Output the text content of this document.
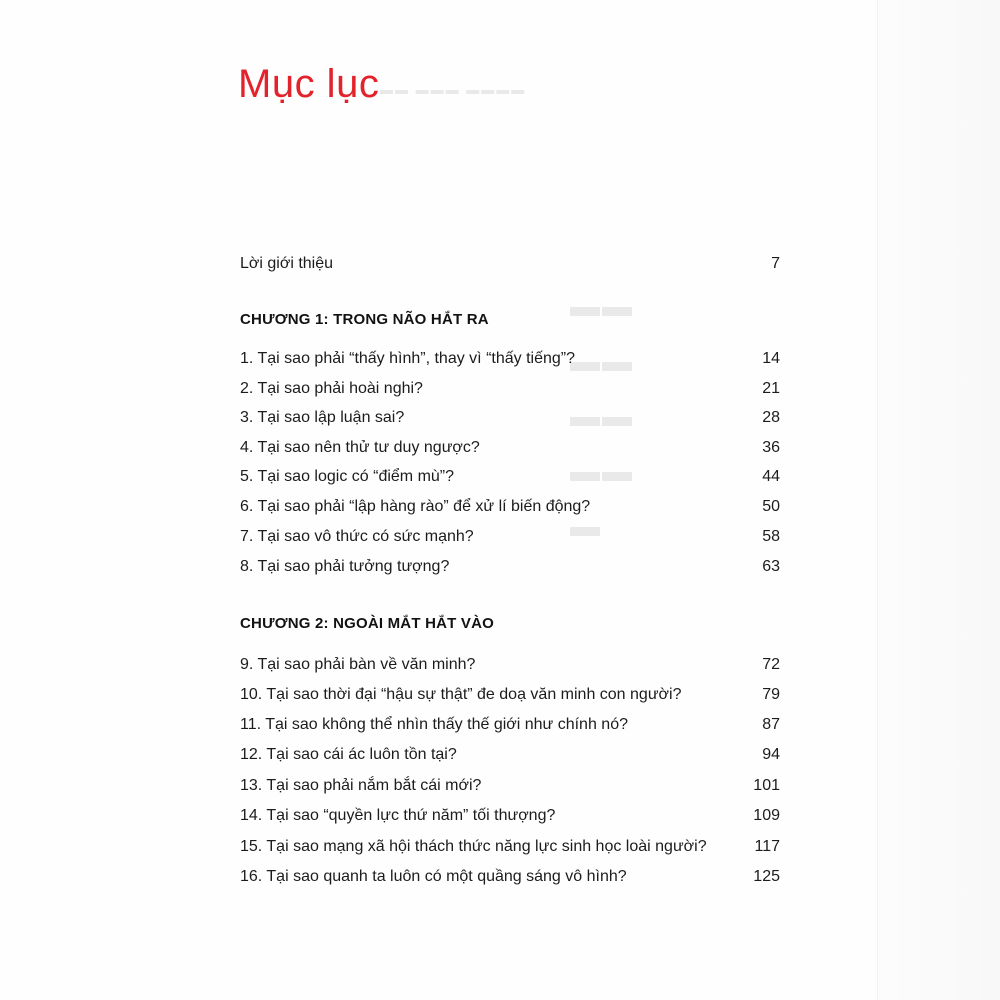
▬▬ ▬▬▬ ▬▬▬▬
▬▬
▬▬
▬▬
▬▬
▬
Mục lục
Lời giới thiệu	7
CHƯƠNG 1: TRONG NÃO HẮT RA
1. Tại sao phải “thấy hình”, thay vì “thấy tiếng”?	14
2. Tại sao phải hoài nghi?	21
3. Tại sao lập luận sai?	28
4. Tại sao nên thử tư duy ngược?	36
5. Tại sao logic có “điểm mù”?	44
6. Tại sao phải “lập hàng rào” để xử lí biến động?	50
7. Tại sao vô thức có sức mạnh?	58
8. Tại sao phải tưởng tượng?	63
CHƯƠNG 2: NGOÀI MẮT HẮT VÀO
9. Tại sao phải bàn về văn minh?	72
10. Tại sao thời đại “hậu sự thật” đe doạ văn minh con người?	79
11. Tại sao không thể nhìn thấy thế giới như chính nó?	87
12. Tại sao cái ác luôn tồn tại?	94
13. Tại sao phải nắm bắt cái mới?	101
14. Tại sao “quyền lực thứ năm” tối thượng?	109
15. Tại sao mạng xã hội thách thức năng lực sinh học loài người?	117
16. Tại sao quanh ta luôn có một quầng sáng vô hình?	125
